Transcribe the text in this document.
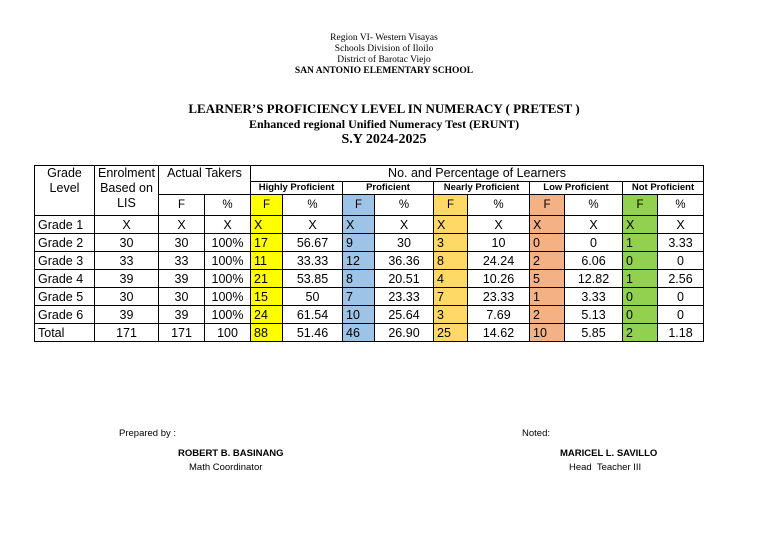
Region VI- Western Visayas
Schools Division of Iloilo
District of Barotac Viejo
SAN ANTONIO ELEMENTARY SCHOOL
LEARNER’S PROFICIENCY LEVEL IN NUMERACY ( PRETEST )
Enhanced regional Unified Numeracy Test (ERUNT)
S.Y 2024-2025
Grade Level	Enrolment Based on LIS	Actual Takers		No. and Percentage of Learners									
				Highly Proficient		Proficient		Nearly Proficient		Low Proficient		Not Proficient	
		F	%	F	%	F	%	F	%	F	%	F	%
Grade 1	X	X	X	X	X	X	X	X	X	X	X	X	X
Grade 2	30	30	100%	17	56.67	9	30	3	10	0	0	1	3.33
Grade 3	33	33	100%	11	33.33	12	36.36	8	24.24	2	6.06	0	0
Grade 4	39	39	100%	21	53.85	8	20.51	4	10.26	5	12.82	1	2.56
Grade 5	30	30	100%	15	50	7	23.33	7	23.33	1	3.33	0	0
Grade 6	39	39	100%	24	61.54	10	25.64	3	7.69	2	5.13	0	0
Total	171	171	100	88	51.46	46	26.90	25	14.62	10	5.85	2	1.18
Prepared by :
ROBERT B. BASINANG
Math Coordinator
Noted:
MARICEL L. SAVILLO
Head  Teacher III
